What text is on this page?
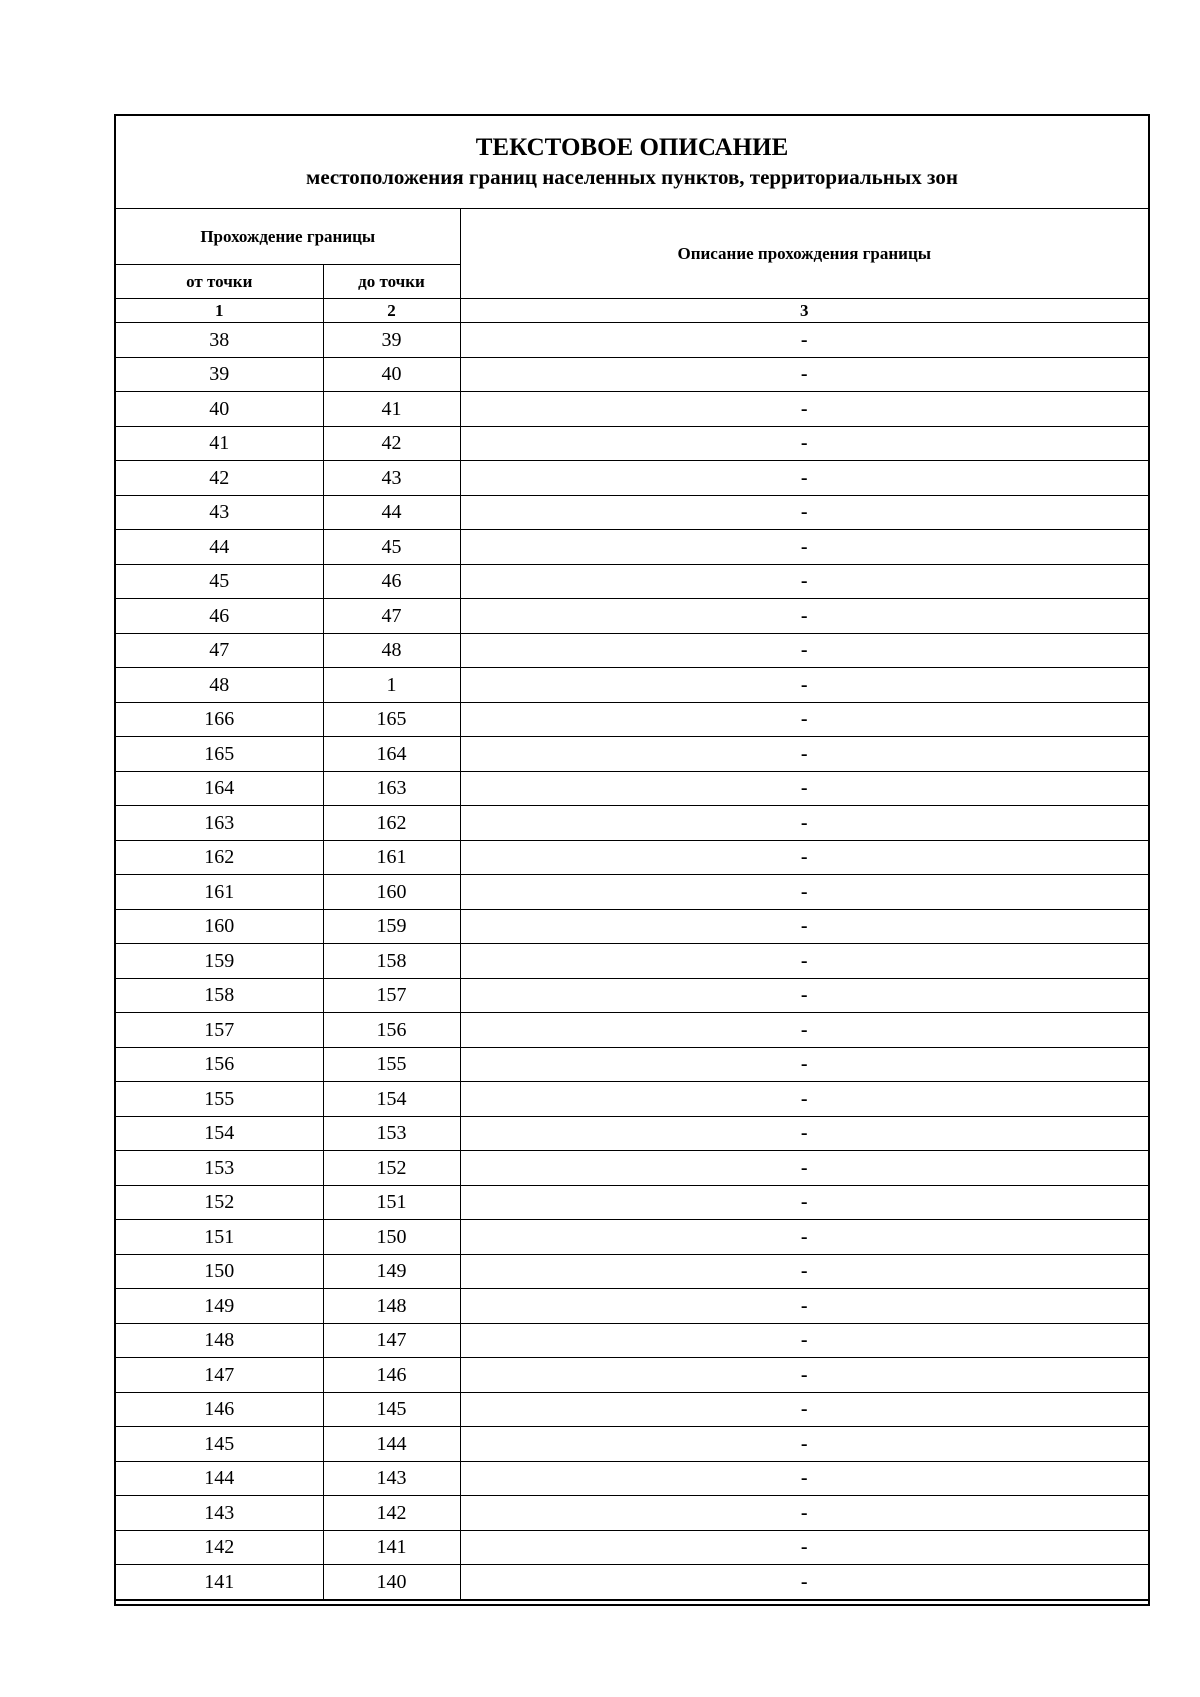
ТЕКСТОВОЕ ОПИСАНИЕ
местоположения границ населенных пунктов, территориальных зон
Прохождение границы		Описание прохождения границы
от точки	до точки	
1	2	3
38	39	-
39	40	-
40	41	-
41	42	-
42	43	-
43	44	-
44	45	-
45	46	-
46	47	-
47	48	-
48	1	-
166	165	-
165	164	-
164	163	-
163	162	-
162	161	-
161	160	-
160	159	-
159	158	-
158	157	-
157	156	-
156	155	-
155	154	-
154	153	-
153	152	-
152	151	-
151	150	-
150	149	-
149	148	-
148	147	-
147	146	-
146	145	-
145	144	-
144	143	-
143	142	-
142	141	-
141	140	-
